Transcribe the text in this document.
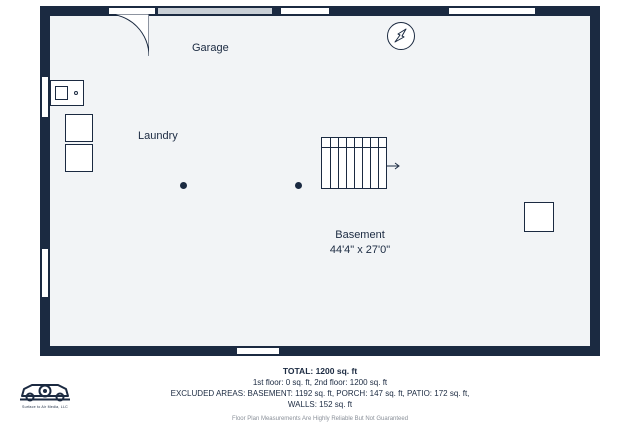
Garage
Laundry
Basement
44'4" x 27'0"
TOTAL: 1200 sq. ft
1st floor: 0 sq. ft, 2nd floor: 1200 sq. ft
EXCLUDED AREAS: BASEMENT: 1192 sq. ft, PORCH: 147 sq. ft, PATIO: 172 sq. ft,
WALLS: 152 sq. ft
Floor Plan Measurements Are Highly Reliable But Not Guaranteed
Surface to Air Media, LLC
